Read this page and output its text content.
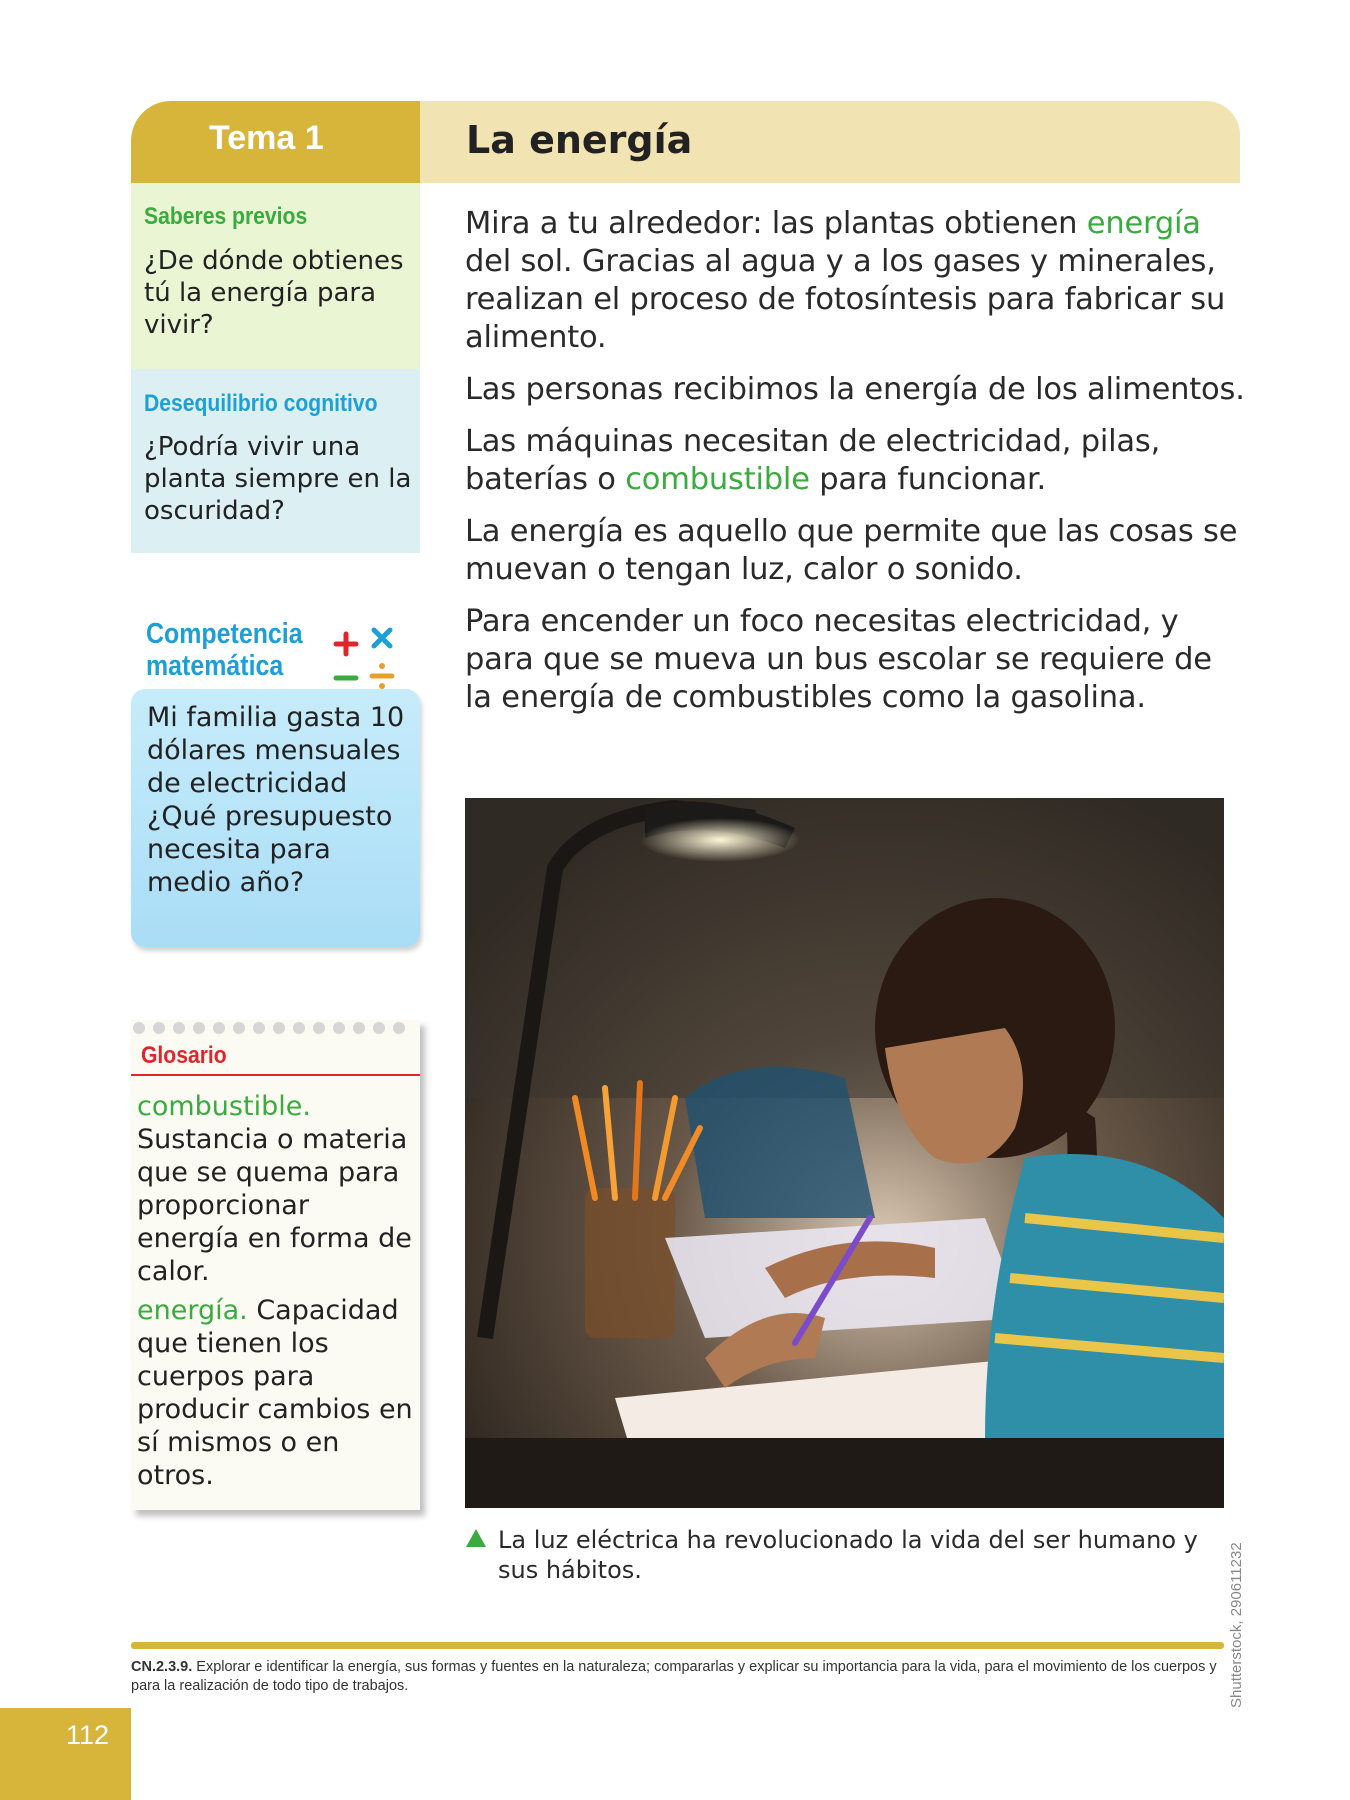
Tema 1	La energía
Saberes previos
¿De dónde obtienes tú la energía para vivir?
Desequilibrio cognitivo
¿Podría vivir una planta siempre en la oscuridad?
Competencia
matemática
Mi familia gasta 10 dólares mensuales de electricidad ¿Qué presupuesto necesita para medio año?
Glosario
combustible. Sustancia o materia que se quema para proporcionar energía en forma de calor.
energía. Capacidad que tienen los cuerpos para producir cambios en sí mismos o en otros.

Mira a tu alrededor: las plantas obtienen energía del sol. Gracias al agua y a los gases y minerales, realizan el proceso de fotosíntesis para fabricar su alimento.

Las personas recibimos la energía de los alimentos.

Las máquinas necesitan de electricidad, pilas, baterías o combustible para funcionar.

La energía es aquello que permite que las cosas se muevan o tengan luz, calor o sonido.

Para encender un foco necesitas electricidad, y para que se mueva un bus escolar se requiere de la energía de combustibles como la gasolina.

Shutterstock, 290611232
La luz eléctrica ha revolucionado la vida del ser humano y sus hábitos.
CN.2.3.9. Explorar e identificar la energía, sus formas y fuentes en la naturaleza; compararlas y explicar su importancia para la vida, para el movimiento de los cuerpos y para la realización de todo tipo de trabajos.
112
